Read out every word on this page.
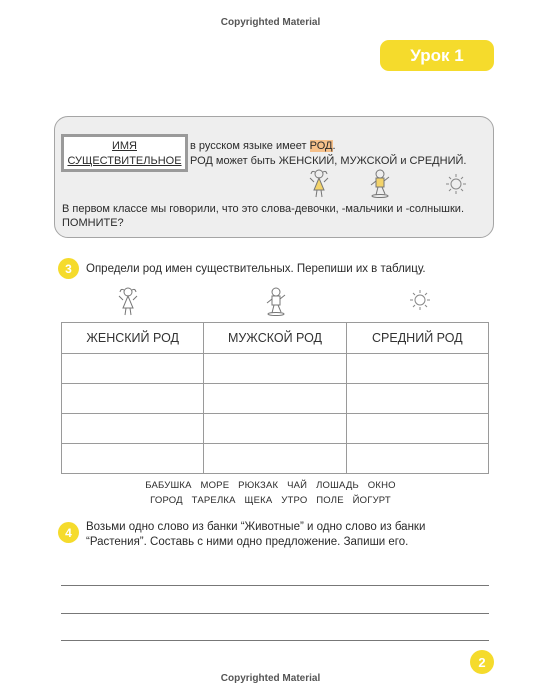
Copyrighted Material
Урок 1
ИМЯ
СУЩЕСТВИТЕЛЬНОЕ
в русском языке имеет РОД.
РОД может быть ЖЕНСКИЙ, МУЖСКОЙ и СРЕДНИЙ.
В первом классе мы говорили, что это слова-девочки, -мальчики и -солнышки.
ПОМНИТЕ?
3	Определи род имен существительных. Перепиши их в таблицу.
ЖЕНСКИЙ РОД	МУЖСКОЙ РОД	СРЕДНИЙ РОД

БАБУШКА МОРЕ РЮКЗАК ЧАЙ ЛОШАДЬ ОКНО
ГОРОД ТАРЕЛКА ЩЕКА УТРО ПОЛЕ ЙОГУРТ
4	Возьми одно слово из банки “Животные” и одно слово из банки
“Растения”. Составь с ними одно предложение. Запиши его.
2
Copyrighted Material
